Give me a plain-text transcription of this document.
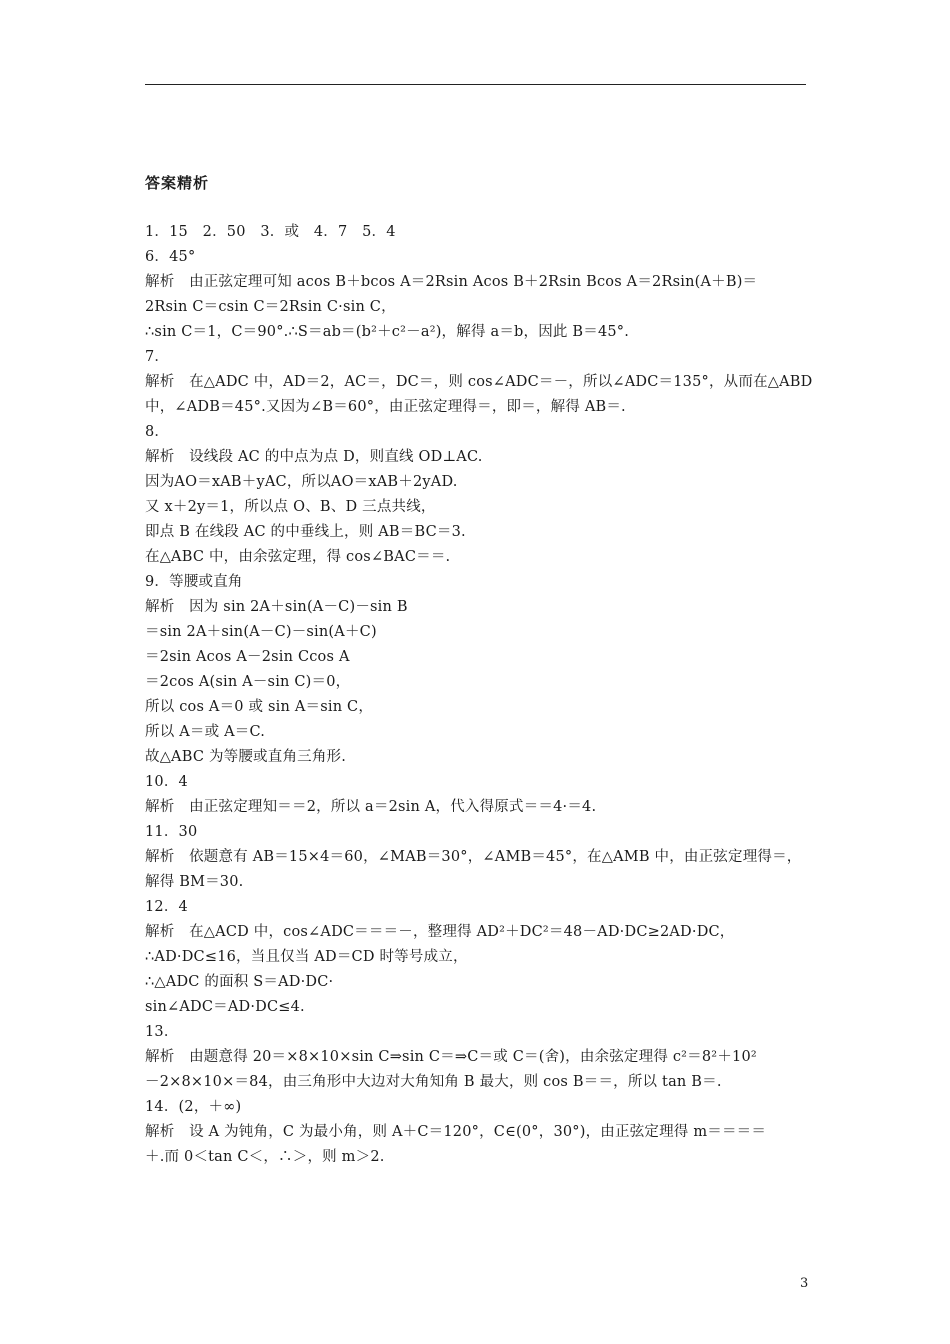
答案精析
1．15　2．50　3．或　4．7　5．4
6．45°
解析　由正弦定理可知 acos B＋bcos A＝2Rsin Acos B＋2Rsin Bcos A＝2Rsin(A＋B)＝
2Rsin C＝csin C＝2Rsin C·sin C，
∴sin C＝1，C＝90°.∴S＝ab＝(b²＋c²－a²)，解得 a＝b，因此 B＝45°.
7．
解析　在△ADC 中，AD＝2，AC＝，DC＝，则 cos∠ADC＝－，所以∠ADC＝135°，从而在△ABD
中，∠ADB＝45°.又因为∠B＝60°，由正弦定理得＝，即＝，解得 AB＝.
8．
解析　设线段 AC 的中点为点 D，则直线 OD⊥AC.
因为AO＝xAB＋yAC，所以AO＝xAB＋2yAD.
又 x＋2y＝1，所以点 O、B、D 三点共线，
即点 B 在线段 AC 的中垂线上，则 AB＝BC＝3.
在△ABC 中，由余弦定理，得 cos∠BAC＝＝.
9．等腰或直角
解析　因为 sin 2A＋sin(A－C)－sin B
＝sin 2A＋sin(A－C)－sin(A＋C)
＝2sin Acos A－2sin Ccos A
＝2cos A(sin A－sin C)＝0，
所以 cos A＝0 或 sin A＝sin C，
所以 A＝或 A＝C.
故△ABC 为等腰或直角三角形.
10．4
解析　由正弦定理知＝＝2，所以 a＝2sin A，代入得原式＝＝4·＝4.
11．30
解析　依题意有 AB＝15×4＝60，∠MAB＝30°，∠AMB＝45°，在△AMB 中，由正弦定理得＝，
解得 BM＝30.
12．4
解析　在△ACD 中，cos∠ADC＝＝＝－，整理得 AD²＋DC²＝48－AD·DC≥2AD·DC，
∴AD·DC≤16，当且仅当 AD＝CD 时等号成立，
∴△ADC 的面积 S＝AD·DC·
sin∠ADC＝AD·DC≤4.
13．
解析　由题意得 20＝×8×10×sin C⇒sin C＝⇒C＝或 C＝(舍)，由余弦定理得 c²＝8²＋10²
－2×8×10×＝84，由三角形中大边对大角知角 B 最大，则 cos B＝＝，所以 tan B＝.
14．(2，＋∞)
解析　设 A 为钝角，C 为最小角，则 A＋C＝120°，C∈(0°，30°)，由正弦定理得 m＝＝＝＝
＋.而 0＜tan C＜，∴＞，则 m＞2.
3
